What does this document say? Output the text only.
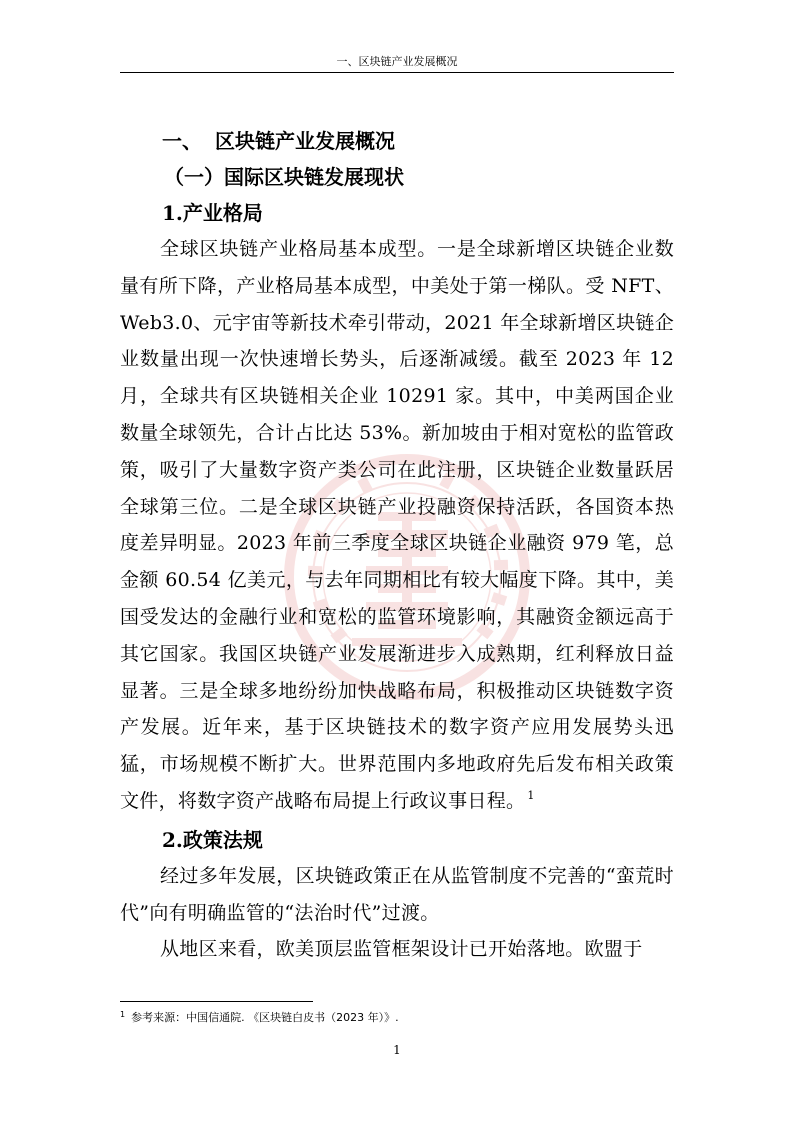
一、区块链产业发展概况
一、 区块链产业发展概况
（一）国际区块链发展现状
1.产业格局

全球区块链产业格局基本成型。一是全球新增区块链企业数量有所下降，产业格局基本成型，中美处于第一梯队。受 NFT、Web3.0、元宇宙等新技术牵引带动，2021 年全球新增区块链企业数量出现一次快速增长势头，后逐渐减缓。截至 2023 年 12 月，全球共有区块链相关企业 10291 家。其中，中美两国企业数量全球领先，合计占比达 53%。新加坡由于相对宽松的监管政策，吸引了大量数字资产类公司在此注册，区块链企业数量跃居全球第三位。二是全球区块链产业投融资保持活跃，各国资本热度差异明显。2023 年前三季度全球区块链企业融资 979 笔，总金额 60.54 亿美元，与去年同期相比有较大幅度下降。其中，美国受发达的金融行业和宽松的监管环境影响，其融资金额远高于其它国家。我国区块链产业发展渐进步入成熟期，红利释放日益显著。三是全球多地纷纷加快战略布局，积极推动区块链数字资产发展。近年来，基于区块链技术的数字资产应用发展势头迅猛，市场规模不断扩大。世界范围内多地政府先后发布相关政策文件，将数字资产战略布局提上行政议事日程。 $^1$

2.政策法规

经过多年发展，区块链政策正在从监管制度不完善的“蛮荒时代”向有明确监管的“法治时代”过渡。

从地区来看，欧美顶层监管框架设计已开始落地。欧盟于

$^1$ 参考来源：中国信通院. 《区块链白皮书（2023 年）》.
1
